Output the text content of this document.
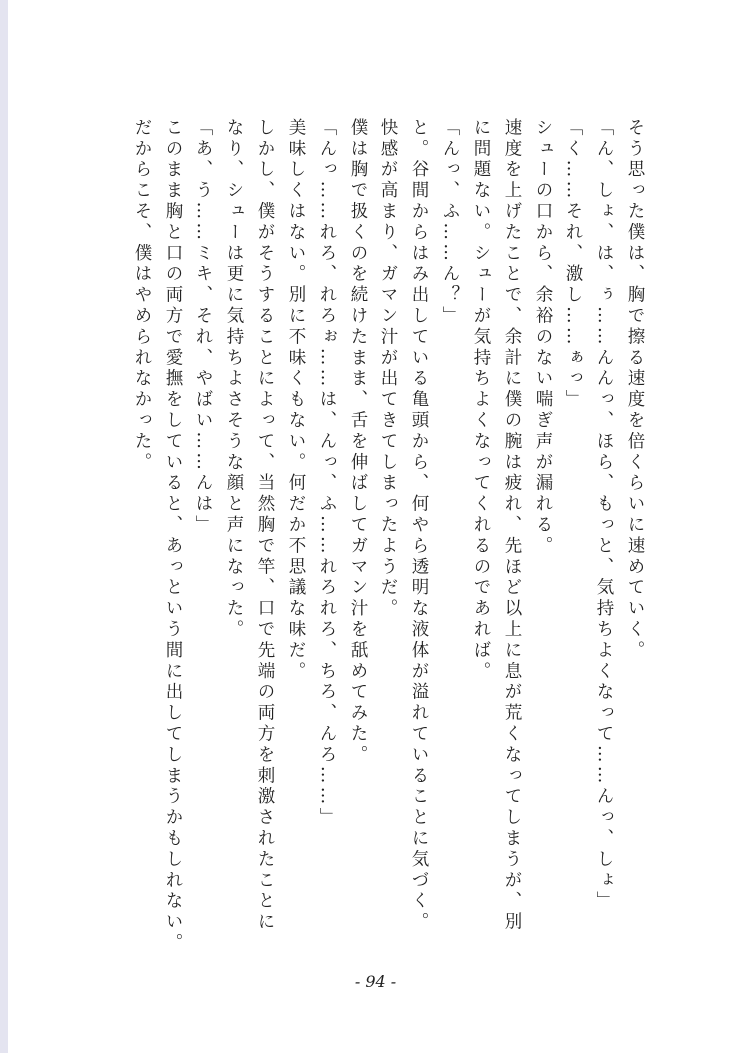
そう思った僕は、胸で擦る速度を倍くらいに速めていく。

「ん、しょ、は、ぅ……んんっ、ほら、もっと、気持ちよくなって……んっ、しょ」

「く……それ、激し……ぁっ」

シューの口から、余裕のない喘ぎ声が漏れる。

速度を上げたことで、余計に僕の腕は疲れ、先ほど以上に息が荒くなってしまうが、別

に問題ない。シューが気持ちよくなってくれるのであれば。

「んっ、ふ……ん？」

と。谷間からはみ出している亀頭から、何やら透明な液体が溢れていることに気づく。

快感が高まり、ガマン汁が出てきてしまったようだ。

僕は胸で扱くのを続けたまま、舌を伸ばしてガマン汁を舐めてみた。

「んっ……れろ、れろぉ……は、んっ、ふ……れろれろ、ちろ、んろ……」

美味しくはない。別に不味くもない。何だか不思議な味だ。

しかし、僕がそうすることによって、当然胸で竿、口で先端の両方を刺激されたことに

なり、シューは更に気持ちよさそうな顔と声になった。

「あ、う……ミキ、それ、やばい……んは」

このまま胸と口の両方で愛撫をしていると、あっという間に出してしまうかもしれない。

だからこそ、僕はやめられなかった。

- 94 -
